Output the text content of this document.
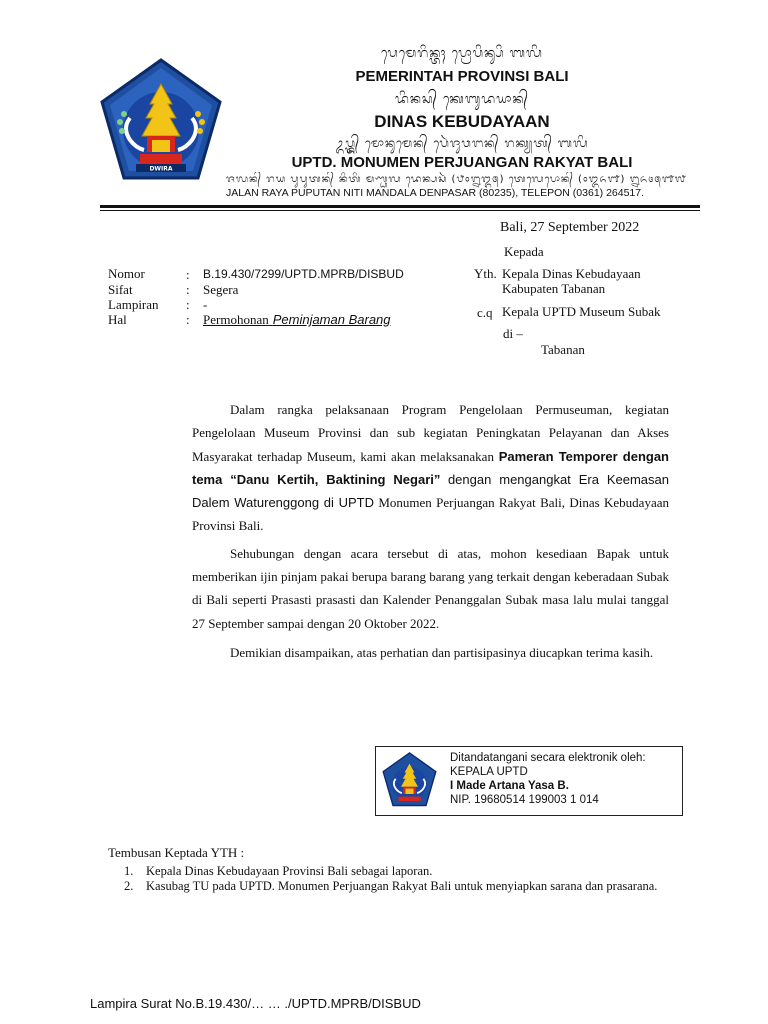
DWIRA
ᬧᬾᬫᬾᬭᬶᬦ᭄ᬢᬄ ᬧ᭄ᬭᭀᬧᬶᬦ᭄ᬲᬶ ᬩᬮᬶ
PEMERINTAH PROVINSI BALI
ᬤᬶᬦᬲ᭄ ᬓᬾᬩᬸᬤᬬᬵᬦ᭄
DINAS KEBUDAYAAN
ᬉᬧ᭄ᬢ᭄ᬤ᭄ ᬫᭀᬦᬸᬫᬾᬦ᭄ ᬧᬾᬃᬚᬸᬯᬗᬦ᭄ ᬭᬓ᭄ᬬᬢ᭄ ᬩᬮᬶ
UPTD. MONUMEN PERJUANGAN RAKYAT BALI
ᬚᬮᬦ᭄ ᬭᬬ ᬧᬸᬧᬸᬢᬦ᭄ ᬦᬶᬢᬶ ᬫᬡ᭄ᬟᬮ ᬤᬾᬦ᭄ᬧᬲᬃ (᭘᭐᭒᭓᭕) ᬢᬾᬮᬾᬧᭀᬦ᭄ (᭐᭓᭖᭑) ᭒᭖᭔᭕᭑᭗
JALAN RAYA PUPUTAN NITI MANDALA DENPASAR (80235), TELEPON (0361) 264517.
Bali, 27 September 2022
Kepada
Yth. Kepala Dinas Kebudayaan
Kabupaten Tabanan
c.q Kepala UPTD Museum Subak
di –
Tabanan
Nomor
Sifat
Lampiran
Hal
:
:
:
:
B.19.430/7299/UPTD.MPRB/DISBUD
Segera
-
Permohonan Peminjaman Barang
Dalam rangka pelaksanaan Program Pengelolaan Permuseuman, kegiatan Pengelolaan Museum Provinsi dan sub kegiatan Peningkatan Pelayanan dan Akses Masyarakat terhadap Museum, kami akan melaksanakan Pameran Temporer dengan tema “Danu Kertih, Baktining Negari” dengan mengangkat Era Keemasan Dalem Waturenggong di UPTD Monumen Perjuangan Rakyat Bali, Dinas Kebudayaan Provinsi Bali.
Sehubungan dengan acara tersebut di atas, mohon kesediaan Bapak untuk memberikan ijin pinjam pakai berupa barang barang yang terkait dengan keberadaan Subak di Bali seperti Prasasti prasasti dan Kalender Penanggalan Subak masa lalu mulai tanggal 27 September sampai dengan 20 Oktober 2022.
Demikian disampaikan, atas perhatian dan partisipasinya diucapkan terima kasih.
Ditandatangani secara elektronik oleh:
KEPALA UPTD
I Made Artana Yasa B.
NIP. 19680514 199003 1 014
Tembusan Keptada YTH :
1. Kepala Dinas Kebudayaan Provinsi Bali sebagai laporan.
2. Kasubag TU pada UPTD. Monumen Perjuangan Rakyat Bali untuk menyiapkan sarana dan prasarana.
Lampira Surat No.B.19.430/… … ./UPTD.MPRB/DISBUD
